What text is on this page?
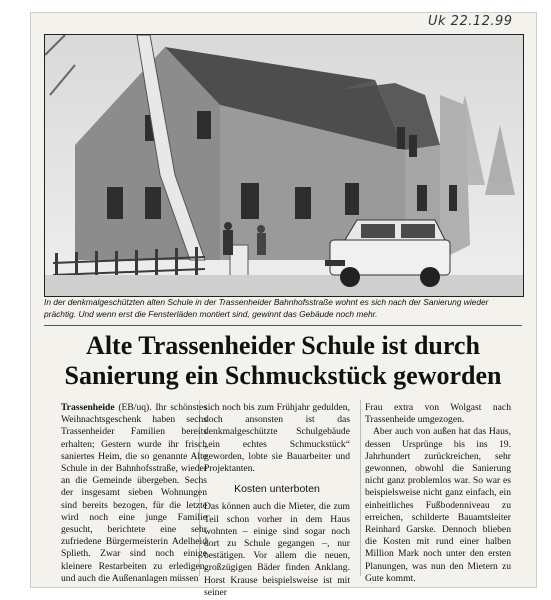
Uk 22.12.99

In der denkmalgeschützten alten Schule in der Trassenheider Bahnhofsstraße wohnt es sich nach der Sanierung wieder prächtig. Und wenn erst die Fensterläden montiert sind, gewinnt das Gebäude noch mehr.

Alte Trassenheider Schule ist durch Sanierung ein Schmuckstück geworden

Trassenheide (EB/uq). Ihr schönstes Weihnachtsgeschenk haben sechs Trassenheider Familien bereits erhalten; Gestern wurde ihr frisch saniertes Heim, die so genannte Alte Schule in der Bahnhofsstraße, wieder an die Gemeinde übergeben. Sechs der insgesamt sieben Wohnungen sind bereits bezogen, für die letzte wird noch eine junge Familie gesucht, berichtete eine sehr zufriedene Bürgermeisterin Adelheid Splieth. Zwar sind noch einige kleinere Restarbeiten zu erledigen, und auch die Außenanlagen müssen

sich noch bis zum Frühjahr gedulden, doch ansonsten ist das denkmalgeschützte Schulgebäude „ein echtes Schmuckstück“ geworden, lobte sie Bauarbeiter und Projektanten.

Kosten unterboten

Das können auch die Mieter, die zum Teil schon vorher in dem Haus wohnten – einige sind sogar noch dort zu Schule gegangen –, nur bestätigen. Vor allem die neuen, großzügigen Bäder finden Anklang. Horst Krause beispielsweise ist mit seiner

Frau extra von Wolgast nach Trassenheide umgezogen.

Aber auch von außen hat das Haus, dessen Ursprünge bis ins 19. Jahrhundert zurückreichen, sehr gewonnen, obwohl die Sanierung nicht ganz problemlos war. So war es beispielsweise nicht ganz einfach, ein einheitliches Fußbodenniveau zu erreichen, schilderte Bauamtsleiter Reinhard Garske. Dennoch blieben die Kosten mit rund einer halben Million Mark noch unter den ersten Planungen, was nun den Mietern zu Gute kommt.
